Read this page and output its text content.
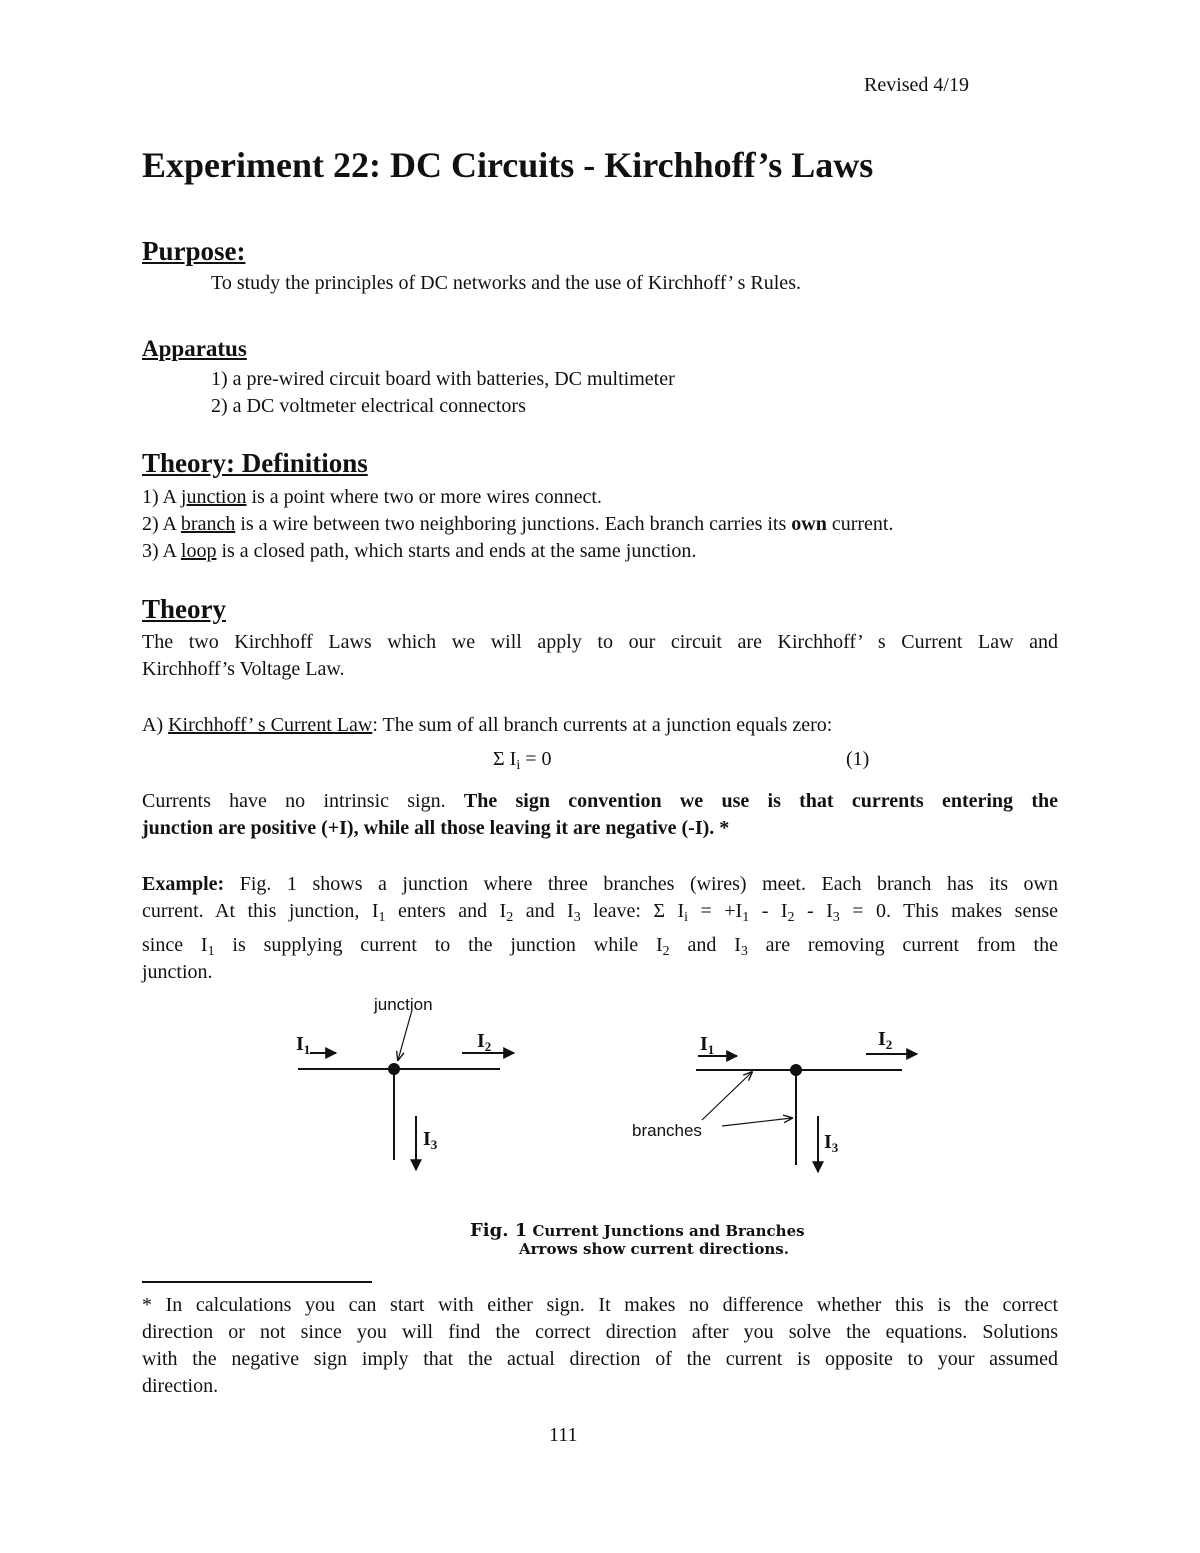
Revised 4/19
Experiment 22: DC Circuits - Kirchhoff’s Laws
Purpose:
To study the principles of DC networks and the use of Kirchhoff’ s Rules.
Apparatus
1) a pre-wired circuit board with batteries, DC multimeter
2) a DC voltmeter electrical connectors
Theory: Definitions
1) A junction is a point where two or more wires connect.
2) A branch is a wire between two neighboring junctions. Each branch carries its own current.
3) A loop is a closed path, which starts and ends at the same junction.
Theory
The two Kirchhoff Laws which we will apply to our circuit are Kirchhoff’ s Current Law and
Kirchhoff’s Voltage Law.
A) Kirchhoff’ s Current Law: The sum of all branch currents at a junction equals zero:
Σ $I_i = 0$	(1)
Currents have no intrinsic sign. The sign convention we use is that currents entering the
junction are positive (+I), while all those leaving it are negative (-I). *
Example: Fig. 1 shows a junction where three branches (wires) meet. Each branch has its own
current. At this junction, $I_1$ enters and $I_2$ and $I_3$ leave: Σ $I_i = +I_1 - I_2 - I_3 = 0$. This makes sense
since $I_1$ is supplying current to the junction while $I_2$ and $I_3$ are removing current from the
junction.
junction
$I_1$	$I_2$
$I_3$
branches
$I_1$	$I_2$
$I_3$
Fig. 1 Current Junctions and Branches
Arrows show current directions.
* In calculations you can start with either sign. It makes no difference whether this is the correct
direction or not since you will find the correct direction after you solve the equations. Solutions
with the negative sign imply that the actual direction of the current is opposite to your assumed
direction.
111
